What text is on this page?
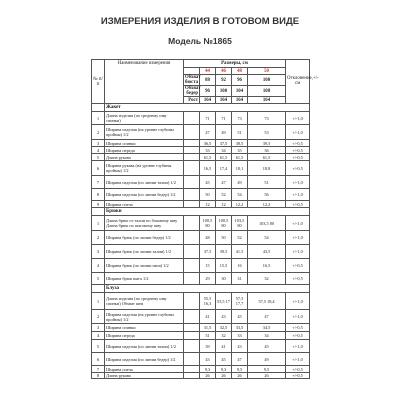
ИЗМЕРЕНИЯ ИЗДЕЛИЯ В ГОТОВОМ ВИДЕ
Модель №1865
№ п/п	Наименование измерения	Размеры, см					Отклонение,+/- см
			44	46	48	50	
		Обхват бюста	88	92	96	100	
		Обхват бедер	96	100	104	108	
		Рост	164	164	164	164	
	Жакет						
1	Длина изделия (по среднему шву спинки)		71	71	73	73	+/-1,0
2	Ширина изделия (на уровне глубины проймы) 1/2		47	49	51	53	+/-1,0
3	Ширина спинки		36,5	37,5	38,5	39,5	+/-0,5
4	Ширина переда		33	34	35	36	+/-0,5
5	Длина рукава		61,5	61,5	61,5	61,5	+/-0,5
6	Ширина рукава (на уровне глубины проймы) 1/2		16,5	17,4	18,1	18,8	+/-0,5
7	Ширина изделия (по линии талии) 1/2		45	47	49	51	+/-1,0
8	Ширина изделия (по линии бедер) 1/2		50	52	54	56	+/-1,0
9	Ширина плеча		12	12	12,2	12,2	+/-0,5
	Брюки						
1	Длина брюк от талии по боковому шву Длина брюк по шаговому шву		100,5 80	100,5 80	103,5 80	103,5 80	+/-1,0
2	Ширина брюк (по линии бедер) 1/2		48	50	52	54	+/-1,0
3	Ширина брюк (по линии талии) 1/2		37,5	39,5	41,5	43,5	+/-1,0
4	Ширина брюк (по линии низа) 1/2		15	15,5	16	16,5	+/-0,5
5	Ширина брюк шага 1/2		29	30	31	32	+/-0,5
	Блуза						
1	Длина изделия (по среднему шву спинки) Обхват шеи		55,5 16,3	55,5 17	57,5 17,7	57,5 18,4	+/-1,0
2	Ширина изделия (на уровне глубины проймы) 1/2		41	43	45	47	+/-1,0
3	Ширина спинки		31,5	32,5	33,5	34,5	+/-0,5
4	Ширина переда		31	32	33	34	+/-0,5
5	Ширина изделия (по линии талии) 1/2		39	41	43	45	+/-1,0
6	Ширина изделия (по линии бедер) 1/2		43	45	47	49	+/-1,0
7	Ширина плеча		9,3	9,3	9,5	9,5	+/-0,5
8	Длина рукава		26	26	26	26	+/-0,5
